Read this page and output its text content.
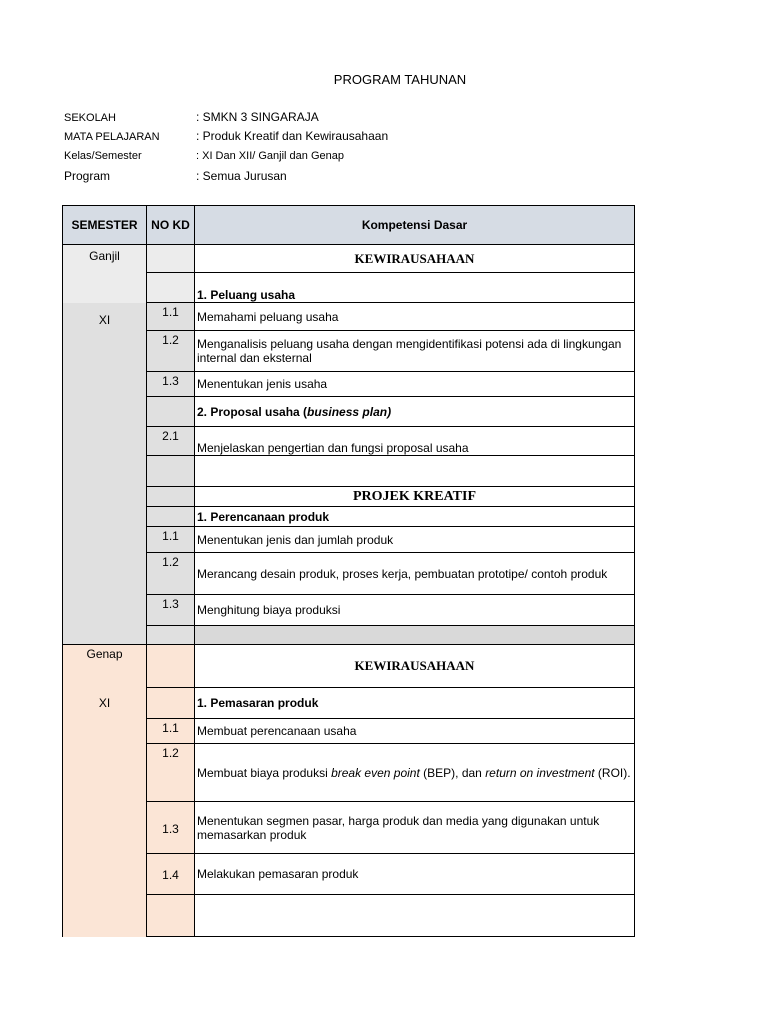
PROGRAM TAHUNAN
SEKOLAH	: SMKN 3 SINGARAJA
MATA PELAJARAN	: Produk Kreatif dan Kewirausahaan
Kelas/Semester	: XI Dan XII/ Ganjil dan Genap
Program	: Semua Jurusan
SEMESTER	NO KD	Kompetensi Dasar
Ganjil		KEWIRAUSAHAAN
		1. Peluang usaha
XI	1.1	Memahami peluang usaha
	1.2	Menganalisis peluang usaha dengan mengidentifikasi potensi ada di lingkungan internal dan eksternal
	1.3	Menentukan jenis usaha
		2. Proposal usaha (business plan)
	2.1	Menjelaskan pengertian dan fungsi proposal usaha

		PROJEK KREATIF
		1. Perencanaan produk
	1.1	Menentukan jenis dan jumlah produk
	1.2	Merancang desain produk, proses kerja, pembuatan prototipe/ contoh produk
	1.3	Menghitung biaya produksi

Genap		KEWIRAUSAHAAN
XI		1. Pemasaran produk
	1.1	Membuat perencanaan usaha
	1.2	Membuat biaya produksi break even point (BEP), dan return on investment (ROI).
	1.3	Menentukan segmen pasar, harga produk dan media yang digunakan untuk memasarkan produk
	1.4	Melakukan pemasaran produk
